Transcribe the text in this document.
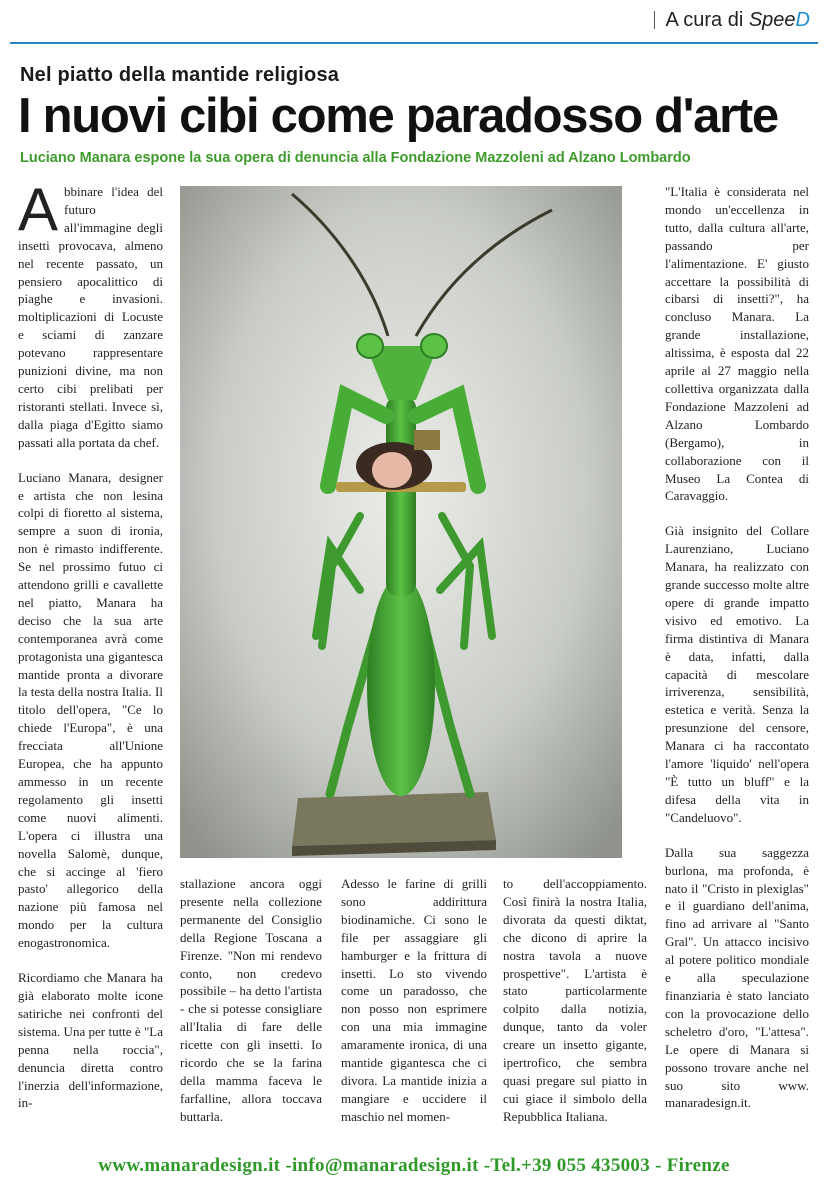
A cura di SpeeD
Nel piatto della mantide religiosa
I nuovi cibi come paradosso d'arte
Luciano Manara espone la sua opera di denuncia alla Fondazione Mazzoleni ad Alzano Lombardo

Abbinare l'idea del futuro all'immagine degli insetti provocava, almeno nel recente passato, un pensiero apocalittico di piaghe e invasioni. moltiplicazioni di Locuste e sciami di zanzare potevano rappresentare punizioni divine, ma non certo cibi prelibati per ristoranti stellati. Invece sì, dalla piaga d'Egitto siamo passati alla portata da chef.

Luciano Manara, designer e artista che non lesina colpi di fioretto al sistema, sempre a suon di ironia, non è rimasto indifferente. Se nel prossimo futuo ci attendono grilli e cavallette nel piatto, Manara ha deciso che la sua arte contemporanea avrà come protagonista una gigantesca mantide pronta a divorare la testa della nostra Italia. Il titolo dell'opera, "Ce lo chiede l'Europa", è una frecciata all'Unione Europea, che ha appunto ammesso in un recente regolamento gli insetti come nuovi alimenti. L'opera ci illustra una novella Salomè, dunque, che si accinge al 'fiero pasto' allegorico della nazione più famosa nel mondo per la cultura enogastronomica.

Ricordiamo che Manara ha già elaborato molte icone satiriche nei confronti del sistema. Una per tutte è "La penna nella roccia", denuncia diretta contro l'inerzia dell'informazione, in-

stallazione ancora oggi presente nella collezione permanente del Consiglio della Regione Toscana a Firenze. "Non mi rendevo conto, non credevo possibile – ha detto l'artista - che si potesse consigliare all'Italia di fare delle ricette con gli insetti. Io ricordo che se la farina della mamma faceva le farfalline, allora toccava buttarla.

Adesso le farine di grilli sono addirittura biodinamiche. Ci sono le file per assaggiare gli hamburger e la frittura di insetti. Lo sto vivendo come un paradosso, che non posso non esprimere con una mia immagine amaramente ironica, di una mantide gigantesca che ci divora. La mantide inizia a mangiare e uccidere il maschio nel momen-

to dell'accoppiamento. Così finirà la nostra Italia, divorata da questi diktat, che dicono di aprire la nostra tavola a nuove prospettive". L'artista è stato particolarmente colpito dalla notizia, dunque, tanto da voler creare un insetto gigante, ipertrofico, che sembra quasi pregare sul piatto in cui giace il simbolo della Repubblica Italiana.

"L'Italia è considerata nel mondo un'eccellenza in tutto, dalla cultura all'arte, passando per l'alimentazione. E' giusto accettare la possibilità di cibarsi di insetti?", ha concluso Manara. La grande installazione, altissima, è esposta dal 22 aprile al 27 maggio nella collettiva organizzata dalla Fondazione Mazzoleni ad Alzano Lombardo (Bergamo), in collaborazione con il Museo La Contea di Caravaggio.

Già insignito del Collare Laurenziano, Luciano Manara, ha realizzato con grande successo molte altre opere di grande impatto visivo ed emotivo. La firma distintiva di Manara è data, infatti, dalla capacità di mescolare irriverenza, sensibilità, estetica e verità. Senza la presunzione del censore, Manara ci ha raccontato l'amore 'liquido' nell'opera "È tutto un bluff" e la difesa della vita in "Candeluovo".

Dalla sua saggezza burlona, ma profonda, è nato il "Cristo in plexiglas" e il guardiano dell'anima, fino ad arrivare al "Santo Gral". Un attacco incisivo al potere politico mondiale e alla speculazione finanziaria è stato lanciato con la provocazione dello scheletro d'oro, "L'attesa". Le opere di Manara si possono trovare anche nel suo sito www. manaradesign.it.

www.manaradesign.it -info@manaradesign.it -Tel.+39 055 435003 - Firenze
